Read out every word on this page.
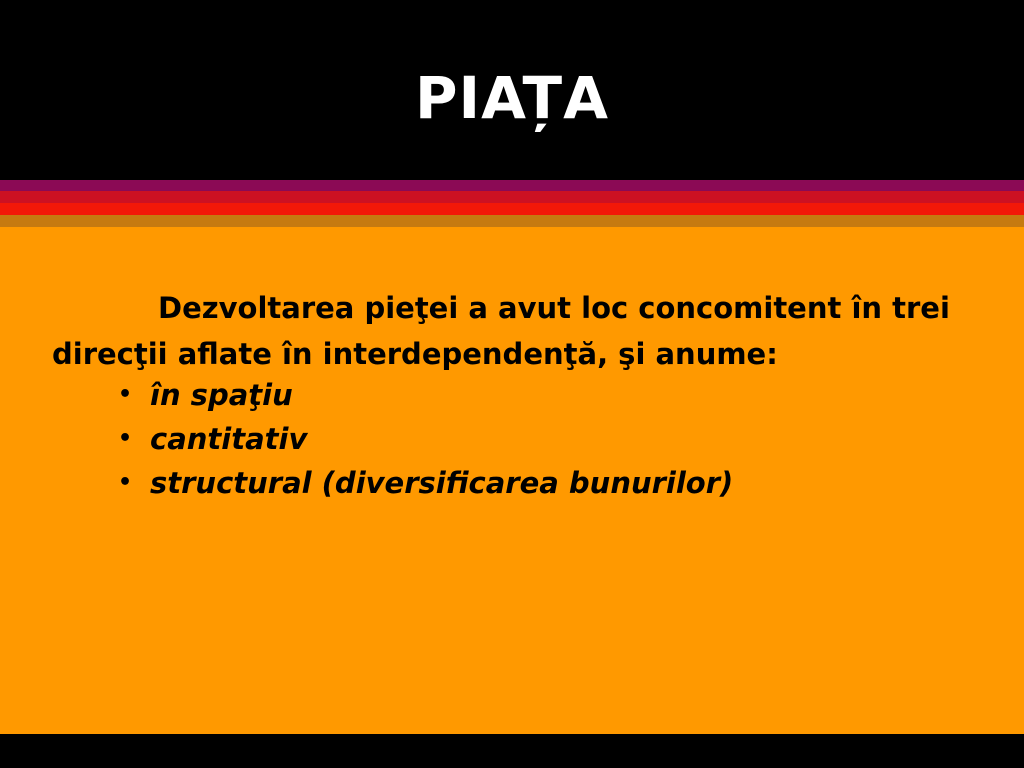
PIAȚA

Dezvoltarea pieţei a avut loc concomitent în trei direcţii aflate în interdependenţă, şi anume:

• în spaţiu
• cantitativ
• structural (diversificarea bunurilor)
